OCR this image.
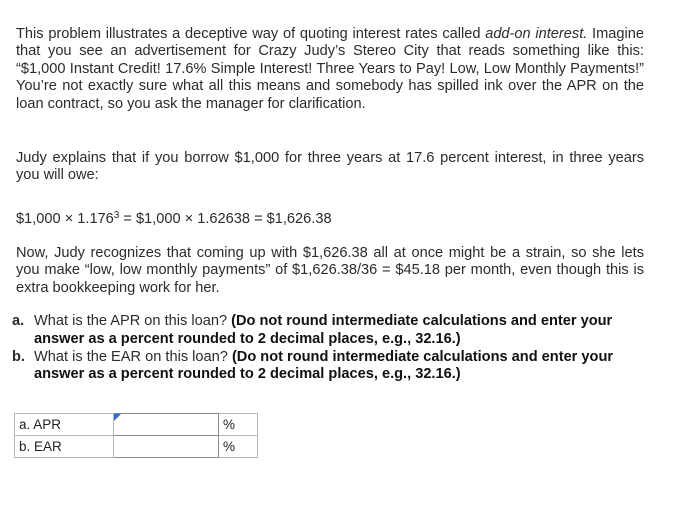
This problem illustrates a deceptive way of quoting interest rates called add-on interest. Imagine that you see an advertisement for Crazy Judy’s Stereo City that reads something like this: “$1,000 Instant Credit! 17.6% Simple Interest! Three Years to Pay! Low, Low Monthly Payments!” You’re not exactly sure what all this means and somebody has spilled ink over the APR on the loan contract, so you ask the manager for clarification.

Judy explains that if you borrow $1,000 for three years at 17.6 percent interest, in three years you will owe:

$1,000 × $1.176^3$ = $1,000 × 1.62638 = $1,626.38

Now, Judy recognizes that coming up with $1,626.38 all at once might be a strain, so she lets you make “low, low monthly payments” of $1,626.38/36 = $45.18 per month, even though this is extra bookkeeping work for her.

a. What is the APR on this loan? (Do not round intermediate calculations and enter your answer as a percent rounded to 2 decimal places, e.g., 32.16.)

b. What is the EAR on this loan? (Do not round intermediate calculations and enter your answer as a percent rounded to 2 decimal places, e.g., 32.16.)

a. APR		%
b. EAR		%
